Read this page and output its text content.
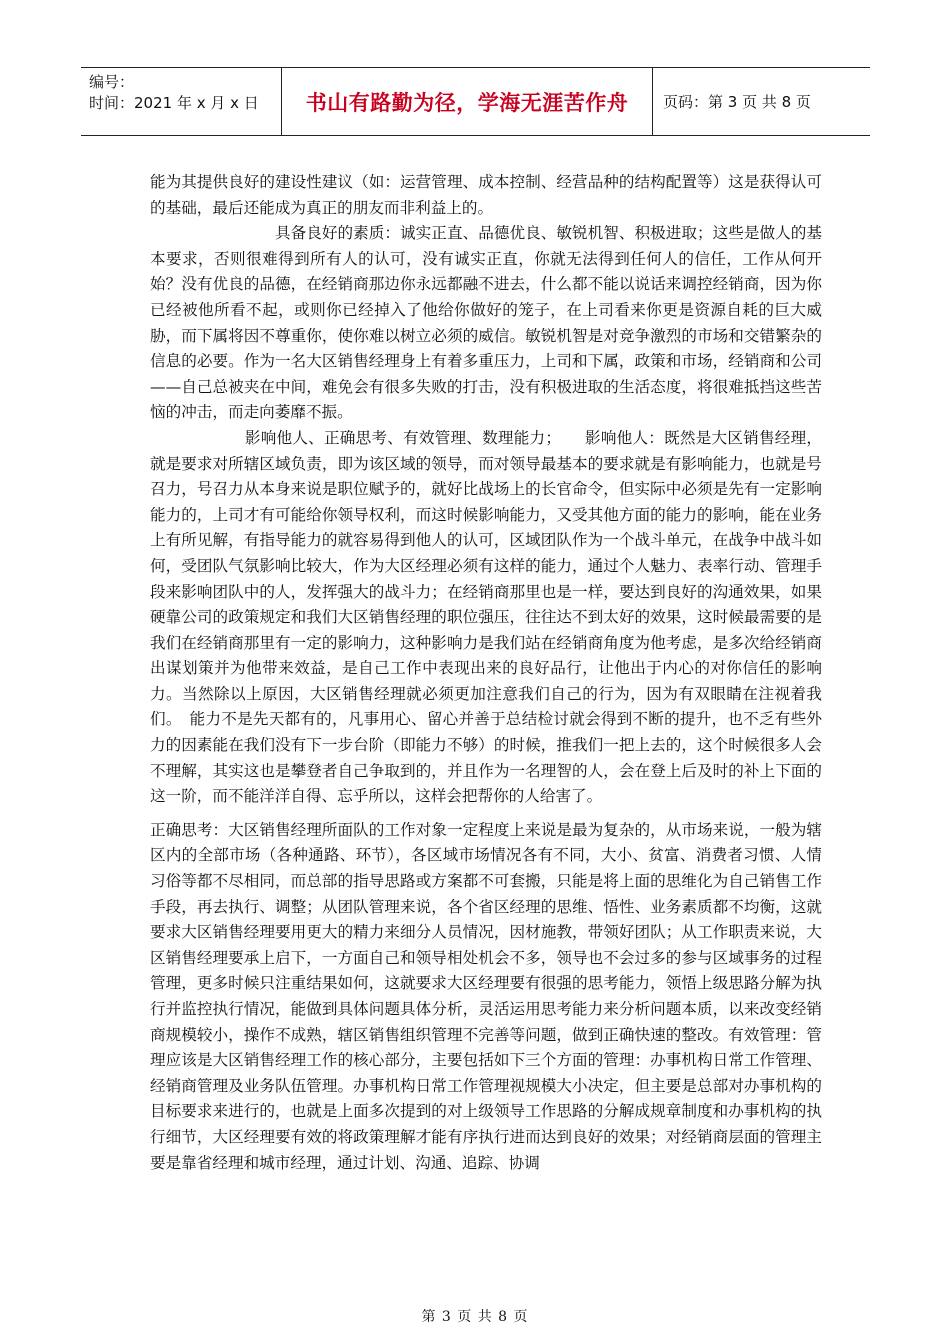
编号：
时间：2021 年 x 月 x 日	书山有路勤为径，学海无涯苦作舟 页码：第 3 页 共 8 页

能为其提供良好的建设性建议（如：运营管理、成本控制、经营品种的结构配置等）这是获得认可的基础，最后还能成为真正的朋友而非利益上的。

　　　　　　　　具备良好的素质：诚实正直、品德优良、敏锐机智、积极进取；这些是做人的基本要求，否则很难得到所有人的认可，没有诚实正直，你就无法得到任何人的信任，工作从何开始？没有优良的品德，在经销商那边你永远都融不进去，什么都不能以说话来调控经销商，因为你已经被他所看不起，或则你已经掉入了他给你做好的笼子，在上司看来你更是资源自耗的巨大威胁，而下属将因不尊重你，使你难以树立必须的威信。敏锐机智是对竞争激烈的市场和交错繁杂的信息的必要。作为一名大区销售经理身上有着多重压力，上司和下属，政策和市场，经销商和公司——自己总被夹在中间，难免会有很多失败的打击，没有积极进取的生活态度，将很难抵挡这些苦恼的冲击，而走向萎靡不振。

　　　　　　影响他人、正确思考、有效管理、数理能力；　　影响他人：既然是大区销售经理，就是要求对所辖区域负责，即为该区域的领导，而对领导最基本的要求就是有影响能力，也就是号召力，号召力从本身来说是职位赋予的，就好比战场上的长官命令，但实际中必须是先有一定影响能力的，上司才有可能给你领导权利，而这时候影响能力，又受其他方面的能力的影响，能在业务上有所见解，有指导能力的就容易得到他人的认可，区域团队作为一个战斗单元，在战争中战斗如何，受团队气氛影响比较大，作为大区经理必须有这样的能力，通过个人魅力、表率行动、管理手段来影响团队中的人，发挥强大的战斗力；在经销商那里也是一样，要达到良好的沟通效果，如果硬靠公司的政策规定和我们大区销售经理的职位强压，往往达不到太好的效果，这时候最需要的是我们在经销商那里有一定的影响力，这种影响力是我们站在经销商角度为他考虑，是多次给经销商出谋划策并为他带来效益，是自己工作中表现出来的良好品行，让他出于内心的对你信任的影响力。当然除以上原因，大区销售经理就必须更加注意我们自己的行为，因为有双眼睛在注视着我们。　能力不是先天都有的，凡事用心、留心并善于总结检讨就会得到不断的提升，也不乏有些外力的因素能在我们没有下一步台阶（即能力不够）的时候，推我们一把上去的，这个时候很多人会不理解，其实这也是攀登者自己争取到的，并且作为一名理智的人，会在登上后及时的补上下面的这一阶，而不能洋洋自得、忘乎所以，这样会把帮你的人给害了。

正确思考：大区销售经理所面队的工作对象一定程度上来说是最为复杂的，从市场来说，一般为辖区内的全部市场（各种通路、环节），各区域市场情况各有不同，大小、贫富、消费者习惯、人情习俗等都不尽相同，而总部的指导思路或方案都不可套搬，只能是将上面的思维化为自己销售工作手段，再去执行、调整；从团队管理来说，各个省区经理的思维、悟性、业务素质都不均衡，这就要求大区销售经理要用更大的精力来细分人员情况，因材施教，带领好团队；从工作职责来说，大区销售经理要承上启下，一方面自己和领导相处机会不多，领导也不会过多的参与区域事务的过程管理，更多时候只注重结果如何，这就要求大区经理要有很强的思考能力，领悟上级思路分解为执行并监控执行情况，能做到具体问题具体分析，灵活运用思考能力来分析问题本质，以来改变经销商规模较小，操作不成熟，辖区销售组织管理不完善等问题，做到正确快速的整改。有效管理：管理应该是大区销售经理工作的核心部分，主要包括如下三个方面的管理：办事机构日常工作管理、经销商管理及业务队伍管理。办事机构日常工作管理视规模大小决定，但主要是总部对办事机构的目标要求来进行的，也就是上面多次提到的对上级领导工作思路的分解成规章制度和办事机构的执行细节，大区经理要有效的将政策理解才能有序执行进而达到良好的效果；对经销商层面的管理主要是靠省经理和城市经理，通过计划、沟通、追踪、协调

第 3 页 共 8 页
